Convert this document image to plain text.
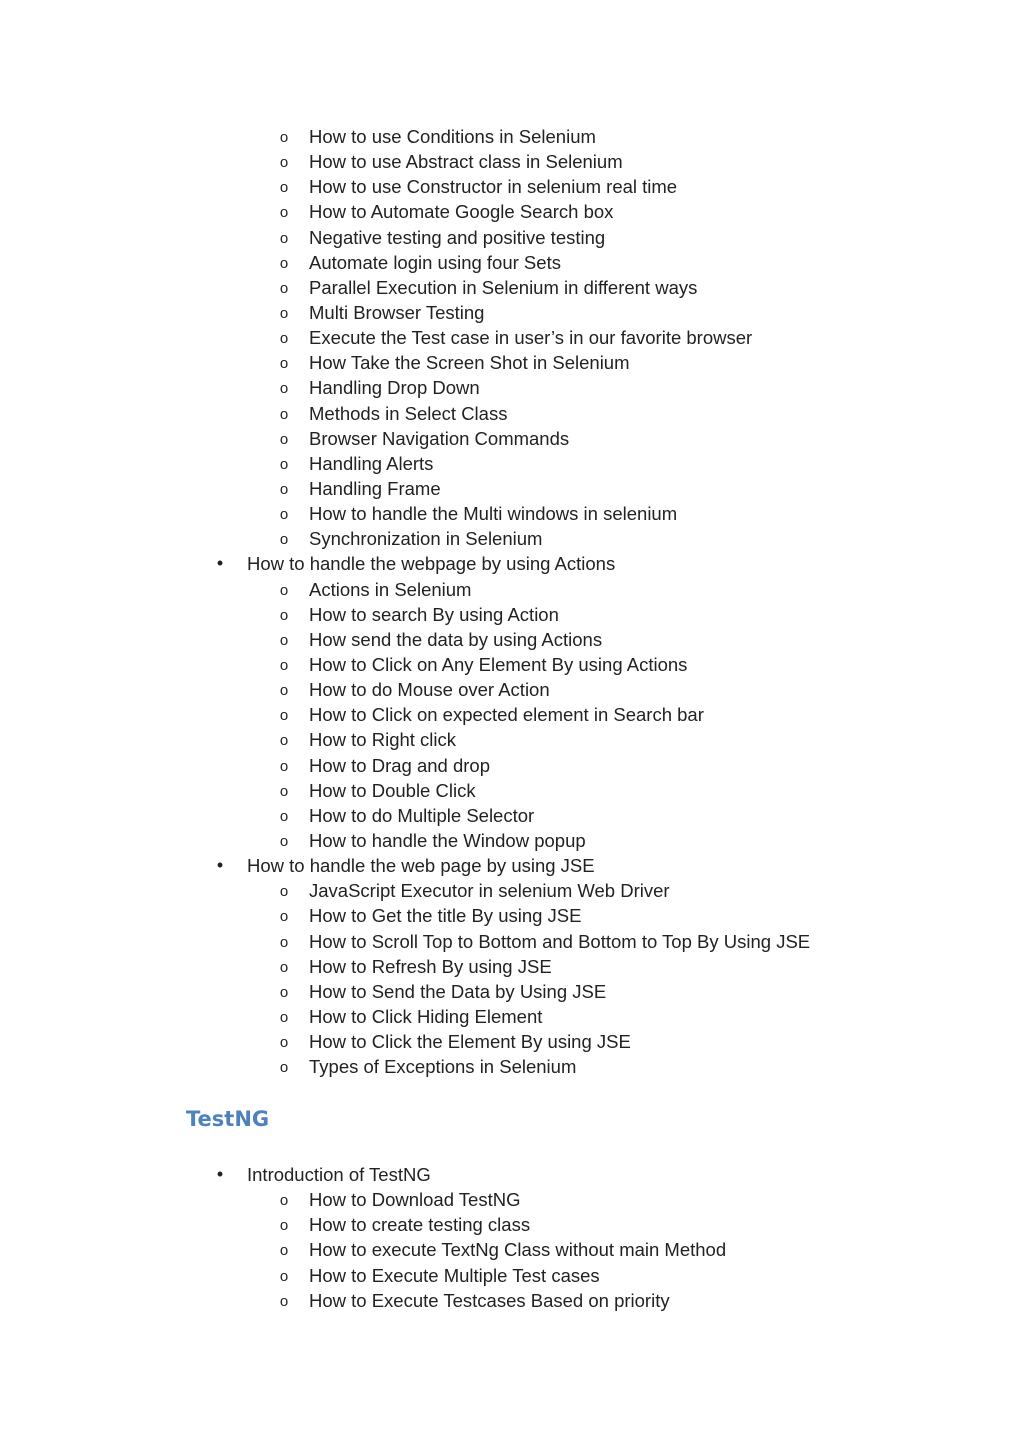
o How to use Conditions in Selenium
o How to use Abstract class in Selenium
o How to use Constructor in selenium real time
o How to Automate Google Search box
o Negative testing and positive testing
o Automate login using four Sets
o Parallel Execution in Selenium in different ways
o Multi Browser Testing
o Execute the Test case in user’s in our favorite browser
o How Take the Screen Shot in Selenium
o Handling Drop Down
o Methods in Select Class
o Browser Navigation Commands
o Handling Alerts
o Handling Frame
o How to handle the Multi windows in selenium
o Synchronization in Selenium
• How to handle the webpage by using Actions
o Actions in Selenium
o How to search By using Action
o How send the data by using Actions
o How to Click on Any Element By using Actions
o How to do Mouse over Action
o How to Click on expected element in Search bar
o How to Right click
o How to Drag and drop
o How to Double Click
o How to do Multiple Selector
o How to handle the Window popup
• How to handle the web page by using JSE
o JavaScript Executor in selenium Web Driver
o How to Get the title By using JSE
o How to Scroll Top to Bottom and Bottom to Top By Using JSE
o How to Refresh By using JSE
o How to Send the Data by Using JSE
o How to Click Hiding Element
o How to Click the Element By using JSE
o Types of Exceptions in Selenium
TestNG
• Introduction of TestNG
o How to Download TestNG
o How to create testing class
o How to execute TextNg Class without main Method
o How to Execute Multiple Test cases
o How to Execute Testcases Based on priority
